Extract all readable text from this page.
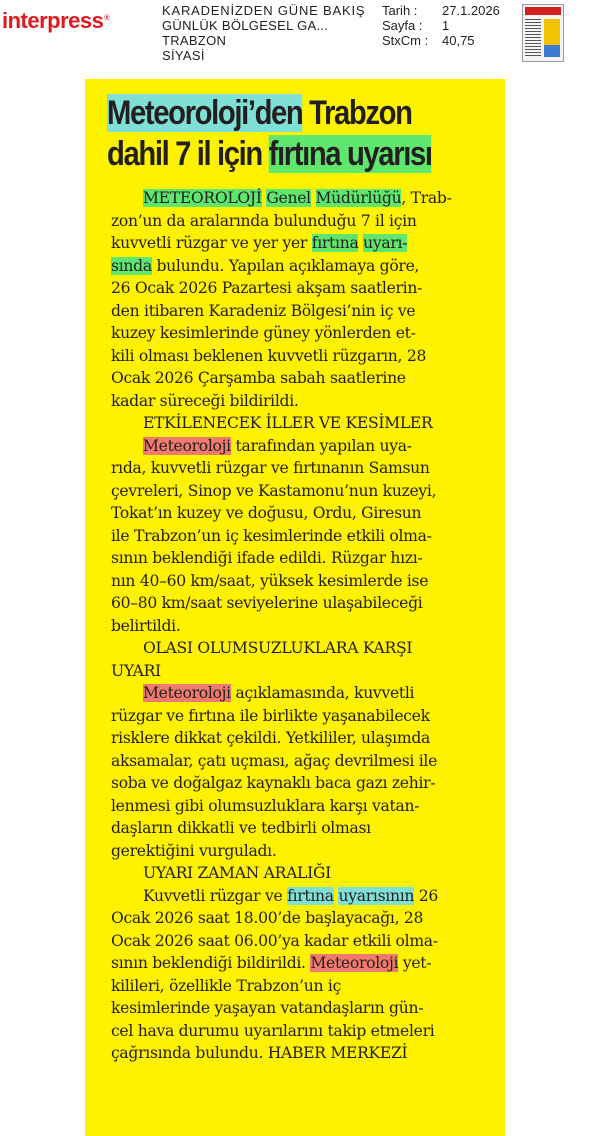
interpress®
KARADENİZDEN GÜNE BAKIŞ
GÜNLÜK BÖLGESEL GA...
TRABZON
SİYASİ
Tarih :	27.1.2026
Sayfa :	1
StxCm :	40,75
Meteoroloji’den Trabzon
dahil 7 il için fırtına uyarısı
METEOROLOJİ Genel Müdürlüğü, Trab-
zon’un da aralarında bulunduğu 7 il için
kuvvetli rüzgar ve yer yer fırtına uyarı-
sında bulundu. Yapılan açıklamaya göre,
26 Ocak 2026 Pazartesi akşam saatlerin-
den itibaren Karadeniz Bölgesi’nin iç ve
kuzey kesimlerinde güney yönlerden et-
kili olması beklenen kuvvetli rüzgarın, 28
Ocak 2026 Çarşamba sabah saatlerine
kadar süreceği bildirildi.
ETKİLENECEK İLLER VE KESİMLER
Meteoroloji tarafından yapılan uya-
rıda, kuvvetli rüzgar ve fırtınanın Samsun
çevreleri, Sinop ve Kastamonu’nun kuzeyi,
Tokat’ın kuzey ve doğusu, Ordu, Giresun
ile Trabzon’un iç kesimlerinde etkili olma-
sının beklendiği ifade edildi. Rüzgar hızı-
nın 40–60 km/saat, yüksek kesimlerde ise
60–80 km/saat seviyelerine ulaşabileceği
belirtildi.
OLASI OLUMSUZLUKLARA KARŞI
UYARI
Meteoroloji açıklamasında, kuvvetli
rüzgar ve fırtına ile birlikte yaşanabilecek
risklere dikkat çekildi. Yetkililer, ulaşımda
aksamalar, çatı uçması, ağaç devrilmesi ile
soba ve doğalgaz kaynaklı baca gazı zehir-
lenmesi gibi olumsuzluklara karşı vatan-
daşların dikkatli ve tedbirli olması
gerektiğini vurguladı.
UYARI ZAMAN ARALIĞI
Kuvvetli rüzgar ve fırtına uyarısının 26
Ocak 2026 saat 18.00’de başlayacağı, 28
Ocak 2026 saat 06.00’ya kadar etkili olma-
sının beklendiği bildirildi. Meteoroloji yet-
kilileri, özellikle Trabzon’un iç
kesimlerinde yaşayan vatandaşların gün-
cel hava durumu uyarılarını takip etmeleri
çağrısında bulundu. HABER MERKEZİ
